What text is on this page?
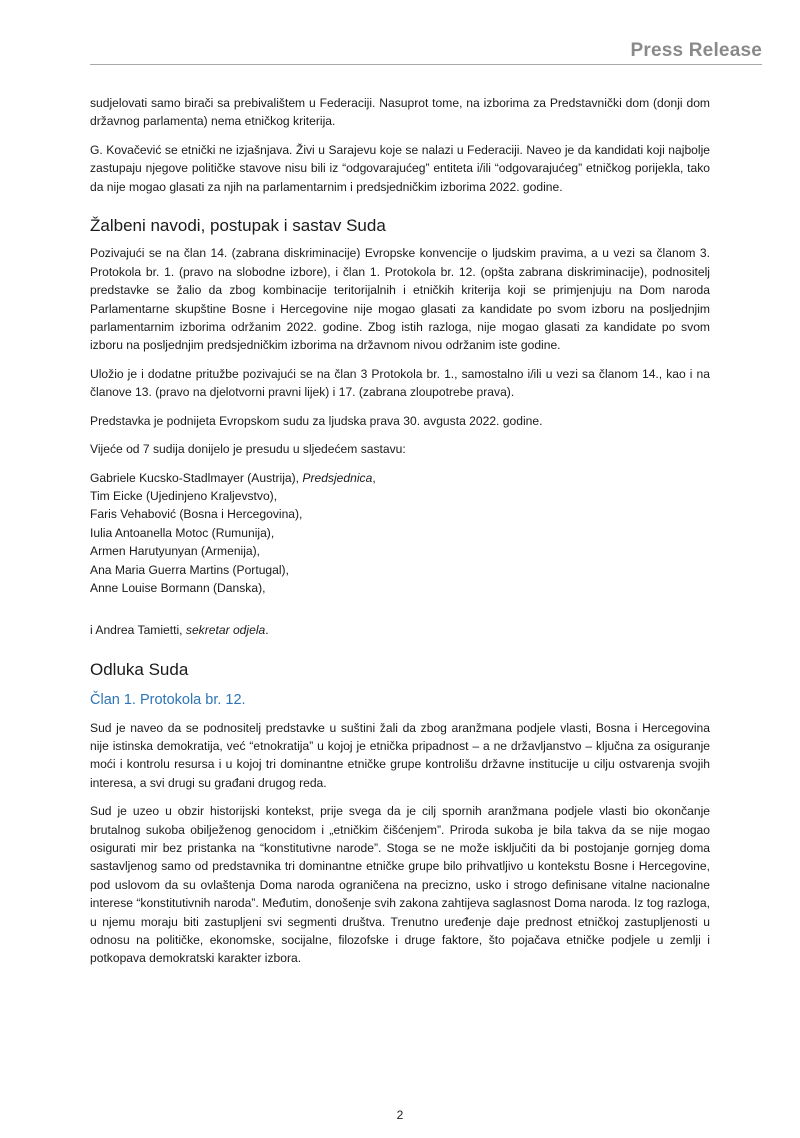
Press Release

sudjelovati samo birači sa prebivalištem u Federaciji. Nasuprot tome, na izborima za Predstavnički dom (donji dom državnog parlamenta) nema etničkog kriterija.

G. Kovačević se etnički ne izjašnjava. Živi u Sarajevu koje se nalazi u Federaciji. Naveo je da kandidati koji najbolje zastupaju njegove političke stavove nisu bili iz “odgovarajućeg” entiteta i/ili “odgovarajućeg” etničkog porijekla, tako da nije mogao glasati za njih na parlamentarnim i predsjedničkim izborima 2022. godine.

Žalbeni navodi, postupak i sastav Suda

Pozivajući se na član 14. (zabrana diskriminacije) Evropske konvencije o ljudskim pravima, a u vezi sa članom 3. Protokola br. 1. (pravo na slobodne izbore), i član 1. Protokola br. 12. (opšta zabrana diskriminacije), podnositelj predstavke se žalio da zbog kombinacije teritorijalnih i etničkih kriterija koji se primjenjuju na Dom naroda Parlamentarne skupštine Bosne i Hercegovine nije mogao glasati za kandidate po svom izboru na posljednjim parlamentarnim izborima održanim 2022. godine. Zbog istih razloga, nije mogao glasati za kandidate po svom izboru na posljednjim predsjedničkim izborima na državnom nivou održanim iste godine.

Uložio je i dodatne pritužbe pozivajući se na član 3 Protokola br. 1., samostalno i/ili u vezi sa članom 14., kao i na članove 13. (pravo na djelotvorni pravni lijek) i 17. (zabrana zloupotrebe prava).

Predstavka je podnijeta Evropskom sudu za ljudska prava 30. avgusta 2022. godine.

Vijeće od 7 sudija donijelo je presudu u sljedećem sastavu:

Gabriele Kucsko-Stadlmayer (Austrija), Predsjednica,
Tim Eicke (Ujedinjeno Kraljevstvo),
Faris Vehabović (Bosna i Hercegovina),
Iulia Antoanella Motoc (Rumunija),
Armen Harutyunyan (Armenija),
Ana Maria Guerra Martins (Portugal),
Anne Louise Bormann (Danska),

i Andrea Tamietti, sekretar odjela.

Odluka Suda
Član 1. Protokola br. 12.

Sud je naveo da se podnositelj predstavke u suštini žali da zbog aranžmana podjele vlasti, Bosna i Hercegovina nije istinska demokratija, već “etnokratija” u kojoj je etnička pripadnost – a ne državljanstvo – ključna za osiguranje moći i kontrolu resursa i u kojoj tri dominantne etničke grupe kontrolišu državne institucije u cilju ostvarenja svojih interesa, a svi drugi su građani drugog reda.

Sud je uzeo u obzir historijski kontekst, prije svega da je cilj spornih aranžmana podjele vlasti bio okončanje brutalnog sukoba obilježenog genocidom i „etničkim čišćenjem”. Priroda sukoba je bila takva da se nije mogao osigurati mir bez pristanka na “konstitutivne narode”. Stoga se ne može isključiti da bi postojanje gornjeg doma sastavljenog samo od predstavnika tri dominantne etničke grupe bilo prihvatljivo u kontekstu Bosne i Hercegovine, pod uslovom da su ovlaštenja Doma naroda ograničena na precizno, usko i strogo definisane vitalne nacionalne interese “konstitutivnih naroda”. Međutim, donošenje svih zakona zahtijeva saglasnost Doma naroda. Iz tog razloga, u njemu moraju biti zastupljeni svi segmenti društva. Trenutno uređenje daje prednost etničkoj zastupljenosti u odnosu na političke, ekonomske, socijalne, filozofske i druge faktore, što pojačava etničke podjele u zemlji i potkopava demokratski karakter izbora.

2
